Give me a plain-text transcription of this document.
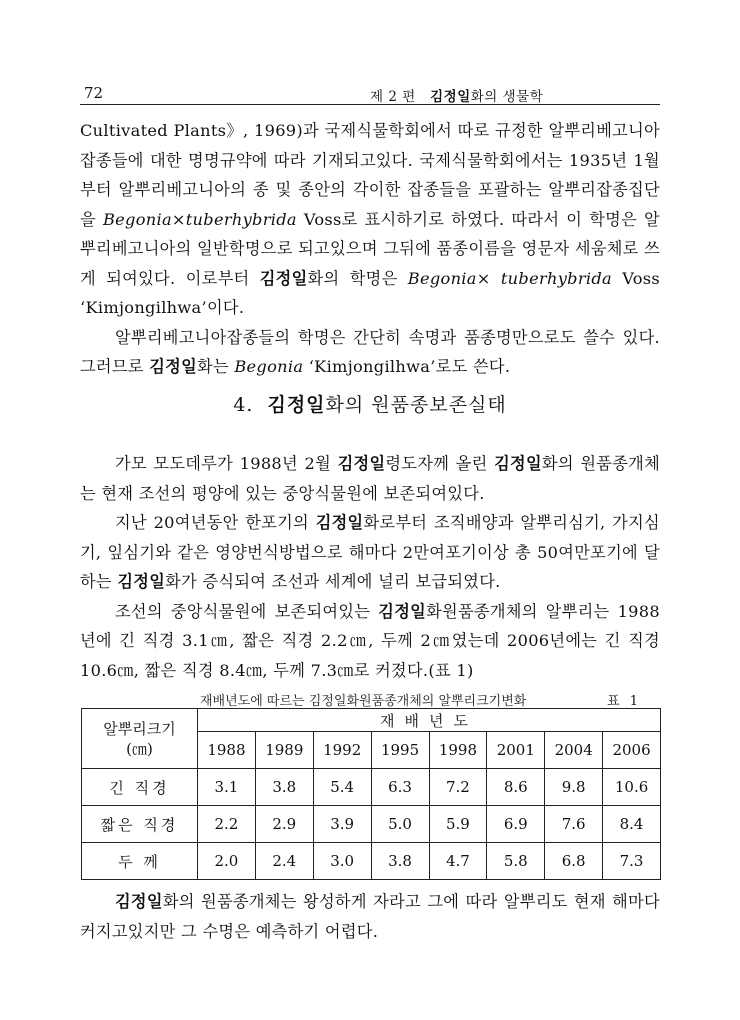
72	제 2 편 김정일화의 생물학

Cultivated Plants》, 1969)과 국제식물학회에서 따로 규정한 알뿌리베고니아잡종들에 대한 명명규약에 따라 기재되고있다. 국제식물학회에서는 1935년 1월부터 알뿌리베고니아의 종 및 종안의 각이한 잡종들을 포괄하는 알뿌리잡종집단을 Begonia×tuberhybrida Voss로 표시하기로 하였다. 따라서 이 학명은 알뿌리베고니아의 일반학명으로 되고있으며 그뒤에 품종이름을 영문자 세움체로 쓰게 되여있다. 이로부터 김정일화의 학명은 Begonia× tuberhybrida Voss ‘Kimjongilhwa’이다.

알뿌리베고니아잡종들의 학명은 간단히 속명과 품종명만으로도 쓸수 있다. 그러므로 김정일화는 Begonia ‘Kimjongilhwa’로도 쓴다.

4. 김정일화의 원품종보존실태

가모 모도데루가 1988년 2월 김정일령도자께 올린 김정일화의 원품종개체는 현재 조선의 평양에 있는 중앙식물원에 보존되여있다.

지난 20여년동안 한포기의 김정일화로부터 조직배양과 알뿌리심기, 가지심기, 잎심기와 같은 영양번식방법으로 해마다 2만여포기이상 총 50여만포기에 달하는 김정일화가 증식되여 조선과 세계에 널리 보급되였다.

조선의 중앙식물원에 보존되여있는 김정일화원품종개체의 알뿌리는 1988년에 긴 직경 3.1㎝, 짧은 직경 2.2㎝, 두께 2㎝였는데 2006년에는 긴 직경 10.6㎝, 짧은 직경 8.4㎝, 두께 7.3㎝로 커졌다.(표 1)

재배년도에 따르는 김정일화원품종개체의 알뿌리크기변화	표 1
알뿌리크기
(㎝)	재배년도							
	1988	1989	1992	1995	1998	2001	2004	2006
긴 직경	3.1	3.8	5.4	6.3	7.2	8.6	9.8	10.6
짧은 직경	2.2	2.9	3.9	5.0	5.9	6.9	7.6	8.4
두 께	2.0	2.4	3.0	3.8	4.7	5.8	6.8	7.3

김정일화의 원품종개체는 왕성하게 자라고 그에 따라 알뿌리도 현재 해마다 커지고있지만 그 수명은 예측하기 어렵다.
